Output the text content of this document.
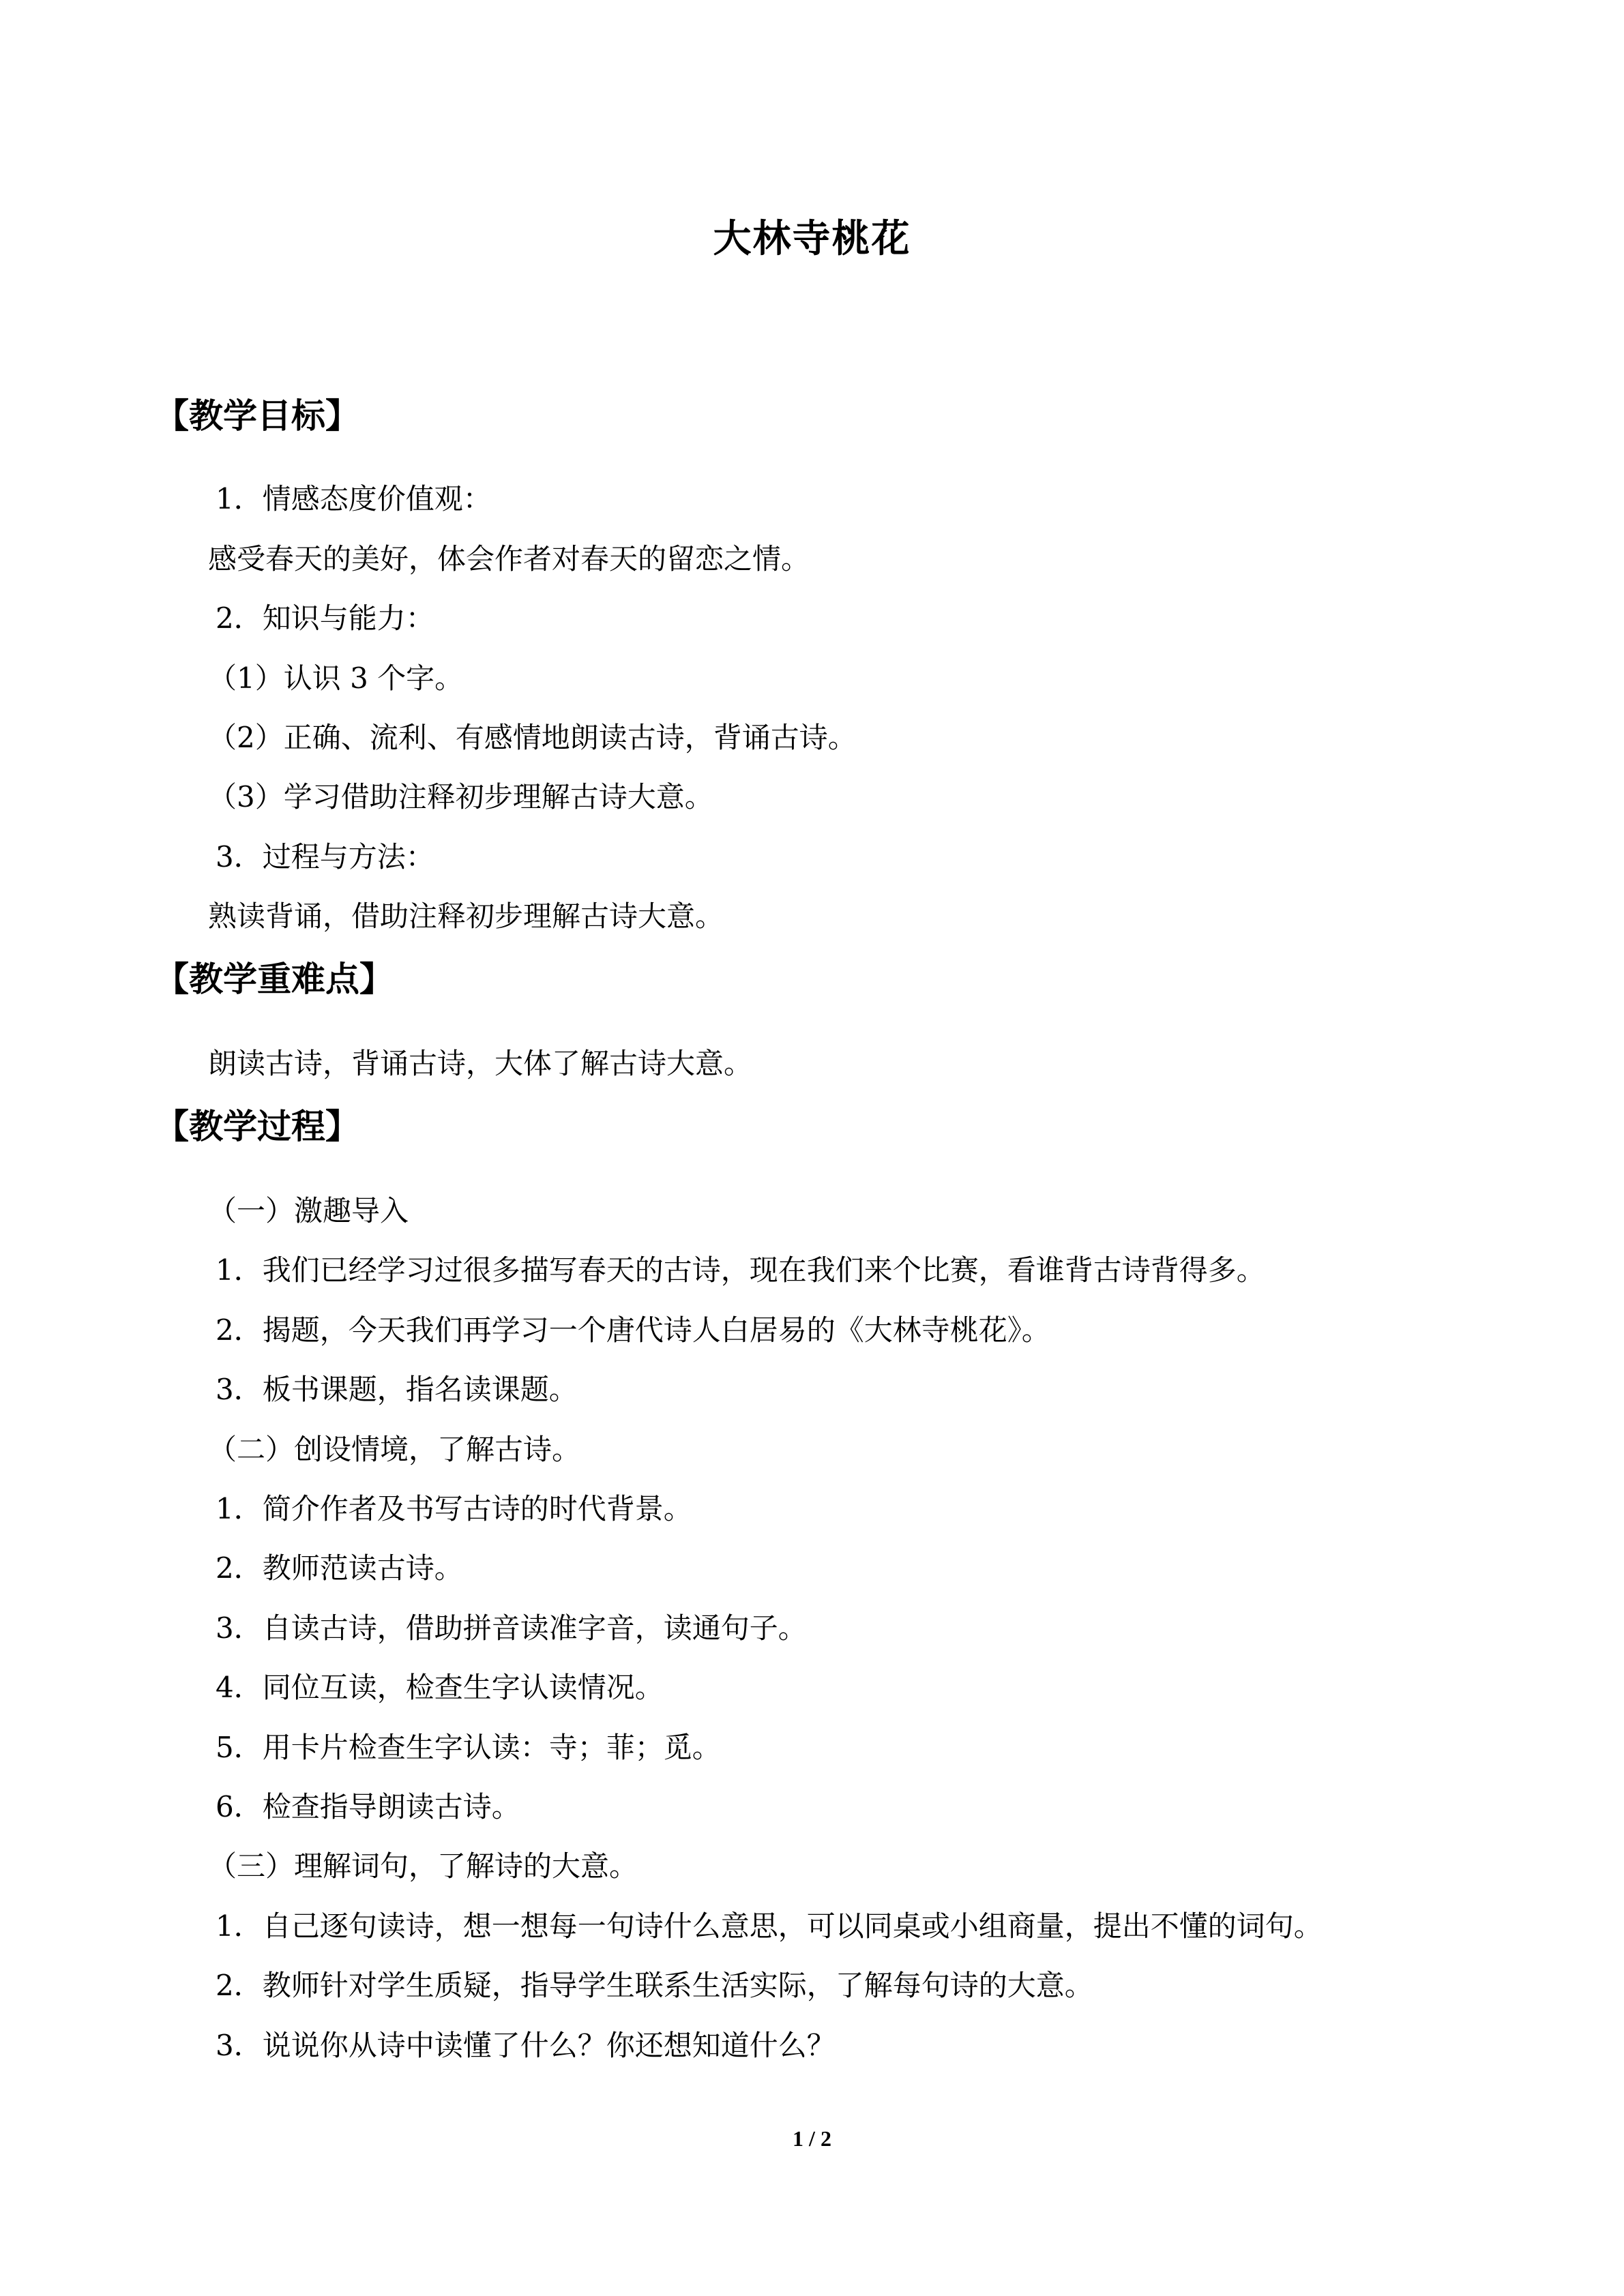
大林寺桃花
【教学目标】
1．情感态度价值观：
感受春天的美好，体会作者对春天的留恋之情。
2．知识与能力：
（1）认识 3 个字。
（2）正确、流利、有感情地朗读古诗，背诵古诗。
（3）学习借助注释初步理解古诗大意。
3．过程与方法：
熟读背诵，借助注释初步理解古诗大意。
【教学重难点】
朗读古诗，背诵古诗，大体了解古诗大意。
【教学过程】
（一）激趣导入
1．我们已经学习过很多描写春天的古诗，现在我们来个比赛，看谁背古诗背得多。
2．揭题，今天我们再学习一个唐代诗人白居易的《大林寺桃花》。
3．板书课题，指名读课题。
（二）创设情境，了解古诗。
1．简介作者及书写古诗的时代背景。
2．教师范读古诗。
3．自读古诗，借助拼音读准字音，读通句子。
4．同位互读，检查生字认读情况。
5．用卡片检查生字认读：寺；菲；觅。
6．检查指导朗读古诗。
（三）理解词句，了解诗的大意。
1．自己逐句读诗，想一想每一句诗什么意思，可以同桌或小组商量，提出不懂的词句。
2．教师针对学生质疑，指导学生联系生活实际，了解每句诗的大意。
3．说说你从诗中读懂了什么？你还想知道什么？
1 / 2
